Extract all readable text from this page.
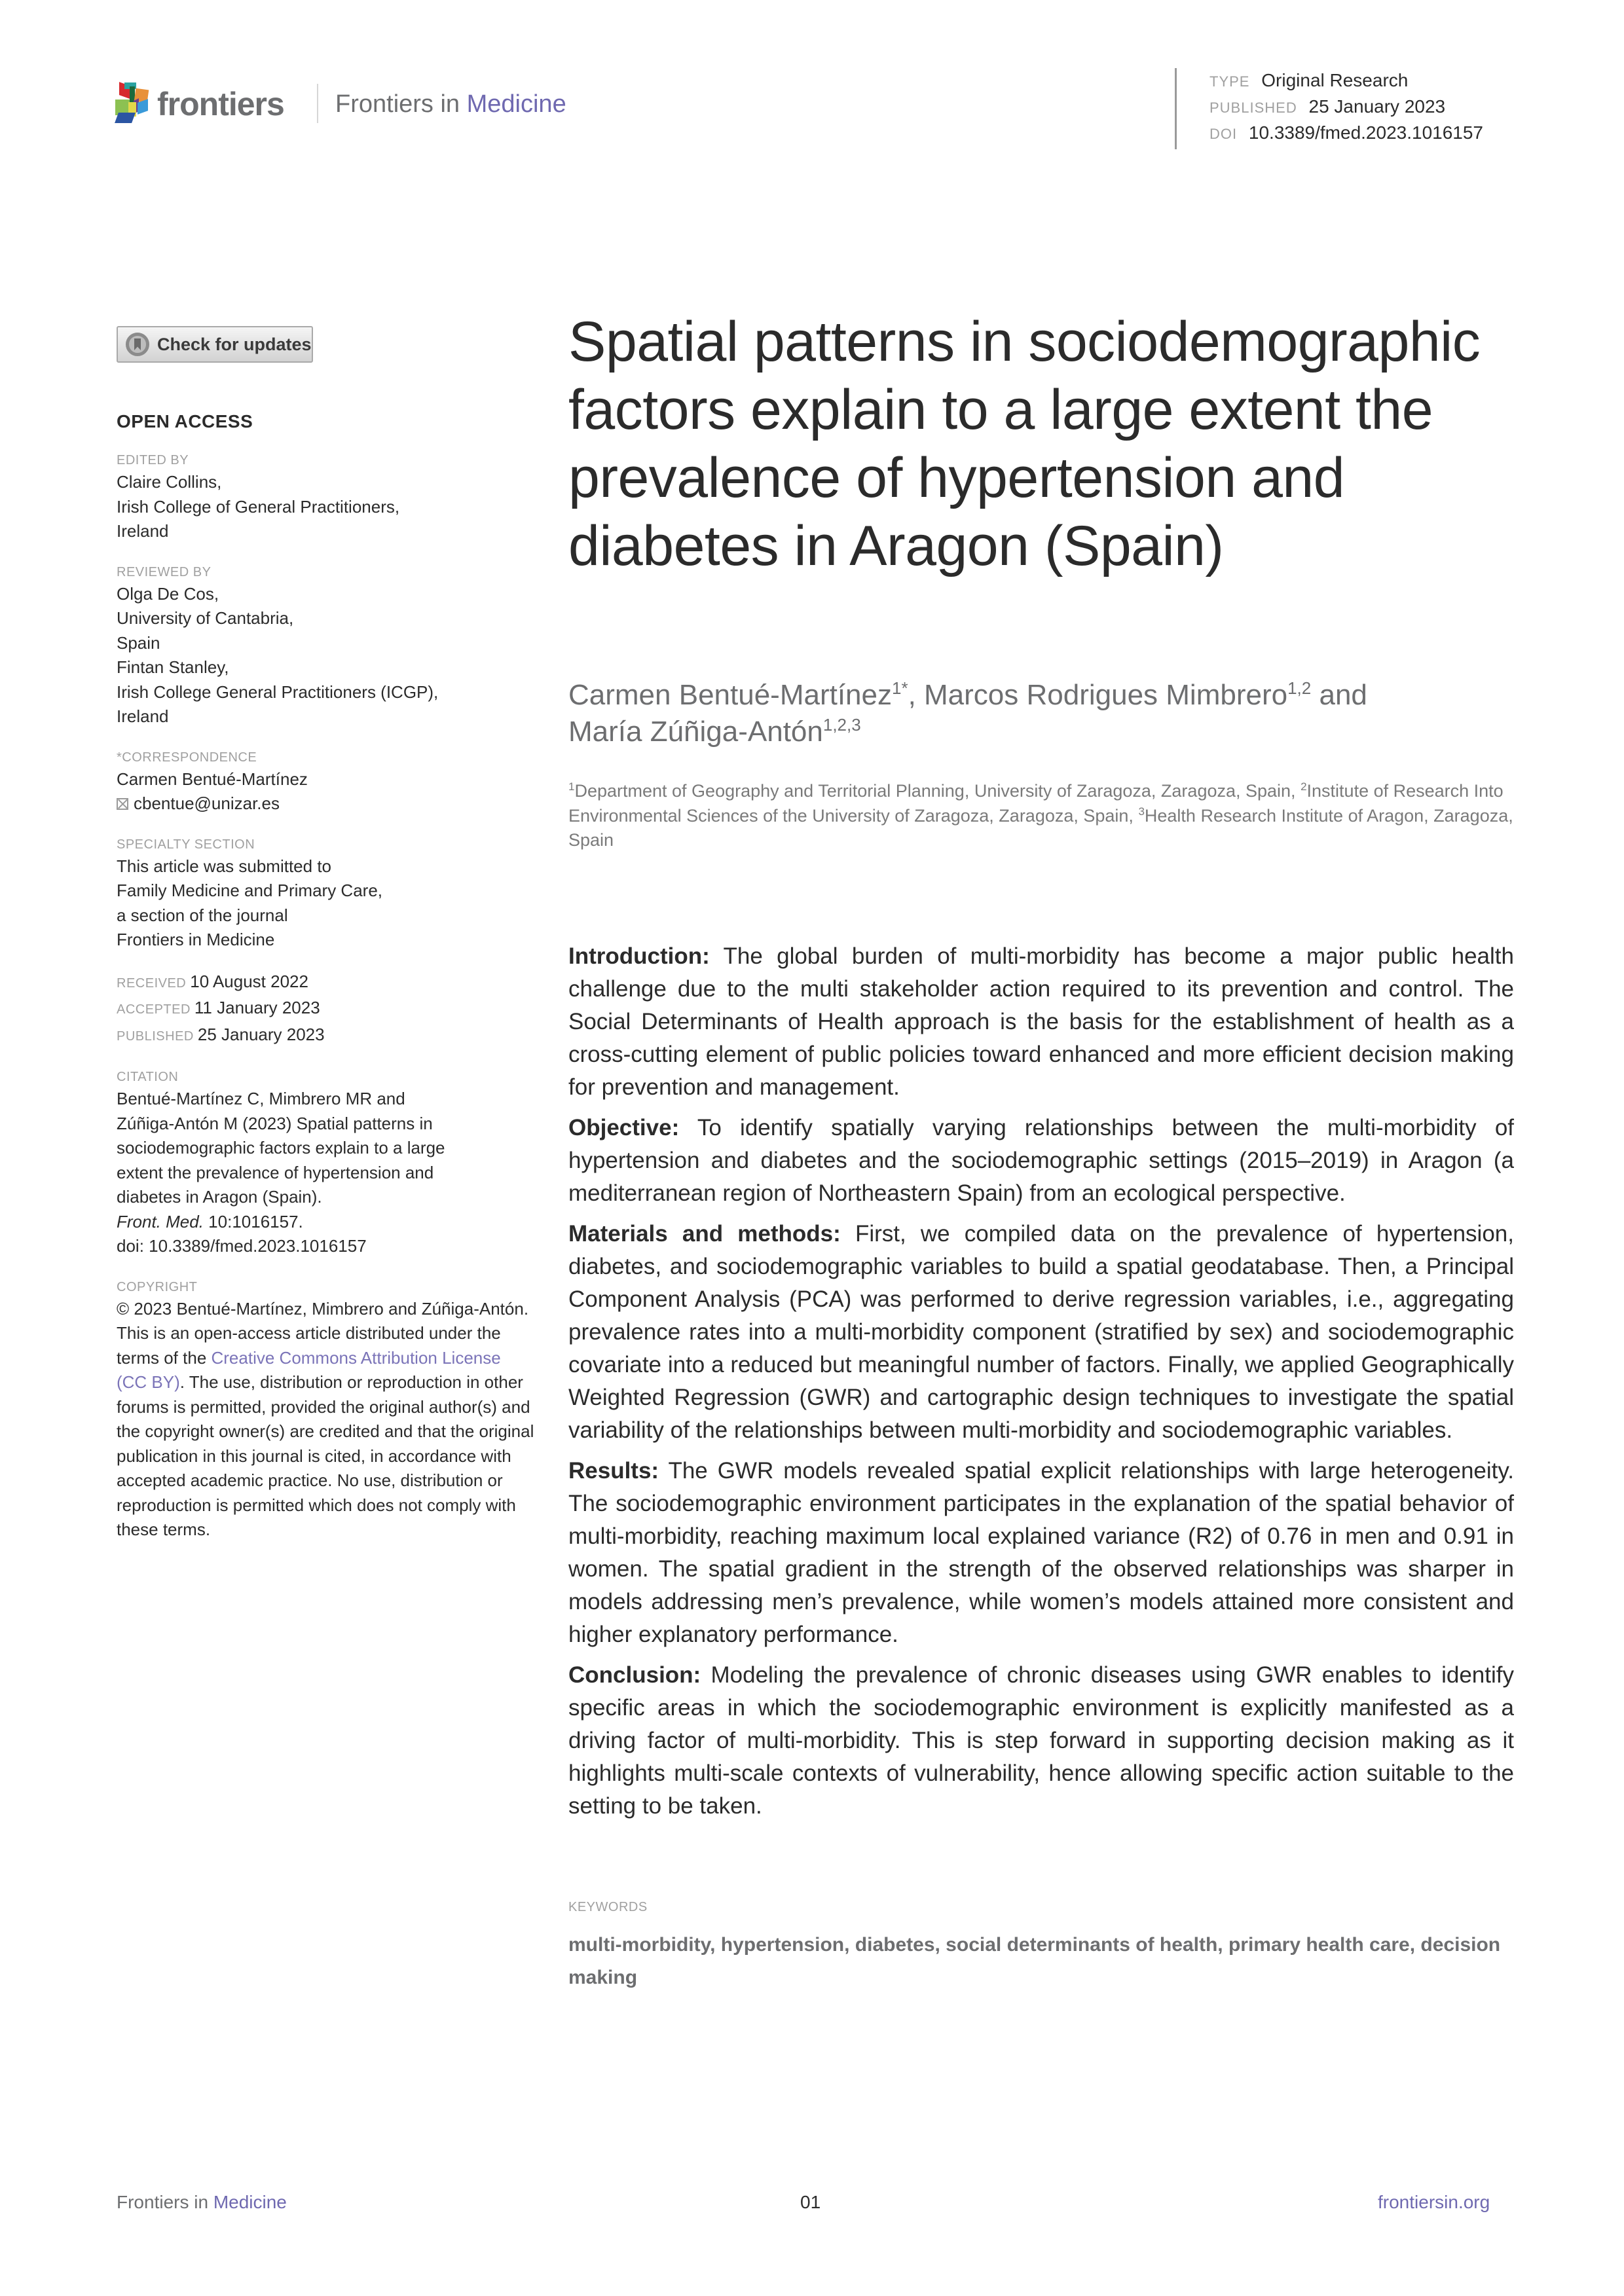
frontiers Frontiers in Medicine
TYPE Original Research
PUBLISHED 25 January 2023
DOI 10.3389/fmed.2023.1016157
Check for updates
OPEN ACCESS
EDITED BY
Claire Collins,
Irish College of General Practitioners,
Ireland
REVIEWED BY
Olga De Cos,
University of Cantabria,
Spain
Fintan Stanley,
Irish College General Practitioners (ICGP),
Ireland
*CORRESPONDENCE
Carmen Bentué-Martínez
cbentue@unizar.es
SPECIALTY SECTION
This article was submitted to
Family Medicine and Primary Care,
a section of the journal
Frontiers in Medicine
RECEIVED 10 August 2022
ACCEPTED 11 January 2023
PUBLISHED 25 January 2023
CITATION
Bentué-Martínez C, Mimbrero MR and
Zúñiga-Antón M (2023) Spatial patterns in
sociodemographic factors explain to a large
extent the prevalence of hypertension and
diabetes in Aragon (Spain).
Front. Med. 10:1016157.
doi: 10.3389/fmed.2023.1016157
COPYRIGHT
© 2023 Bentué-Martínez, Mimbrero and Zúñiga-Antón. This is an open-access article distributed under the terms of the Creative Commons Attribution License (CC BY). The use, distribution or reproduction in other forums is permitted, provided the original author(s) and the copyright owner(s) are credited and that the original publication in this journal is cited, in accordance with accepted academic practice. No use, distribution or reproduction is permitted which does not comply with these terms.
Spatial patterns in sociodemographic factors explain to a large extent the prevalence of hypertension and diabetes in Aragon (Spain)
Carmen Bentué-Martínez$^{1*}$, Marcos Rodrigues Mimbrero$^{1,2}$ and
María Zúñiga-Antón$^{1,2,3}$
$^1$Department of Geography and Territorial Planning, University of Zaragoza, Zaragoza, Spain, $^2$Institute of Research Into Environmental Sciences of the University of Zaragoza, Zaragoza, Spain, $^3$Health Research Institute of Aragon, Zaragoza, Spain

Introduction: The global burden of multi-morbidity has become a major public health challenge due to the multi stakeholder action required to its prevention and control. The Social Determinants of Health approach is the basis for the establishment of health as a cross-cutting element of public policies toward enhanced and more efficient decision making for prevention and management.

Objective: To identify spatially varying relationships between the multi-morbidity of hypertension and diabetes and the sociodemographic settings (2015–2019) in Aragon (a mediterranean region of Northeastern Spain) from an ecological perspective.

Materials and methods: First, we compiled data on the prevalence of hypertension, diabetes, and sociodemographic variables to build a spatial geodatabase. Then, a Principal Component Analysis (PCA) was performed to derive regression variables, i.e., aggregating prevalence rates into a multi-morbidity component (stratified by sex) and sociodemographic covariate into a reduced but meaningful number of factors. Finally, we applied Geographically Weighted Regression (GWR) and cartographic design techniques to investigate the spatial variability of the relationships between multi-morbidity and sociodemographic variables.

Results: The GWR models revealed spatial explicit relationships with large heterogeneity. The sociodemographic environment participates in the explanation of the spatial behavior of multi-morbidity, reaching maximum local explained variance (R2) of 0.76 in men and 0.91 in women. The spatial gradient in the strength of the observed relationships was sharper in models addressing men’s prevalence, while women’s models attained more consistent and higher explanatory performance.

Conclusion: Modeling the prevalence of chronic diseases using GWR enables to identify specific areas in which the sociodemographic environment is explicitly manifested as a driving factor of multi-morbidity. This is step forward in supporting decision making as it highlights multi-scale contexts of vulnerability, hence allowing specific action suitable to the setting to be taken.

KEYWORDS
multi-morbidity, hypertension, diabetes, social determinants of health, primary health care, decision making
Frontiers in Medicine	01	frontiersin.org
